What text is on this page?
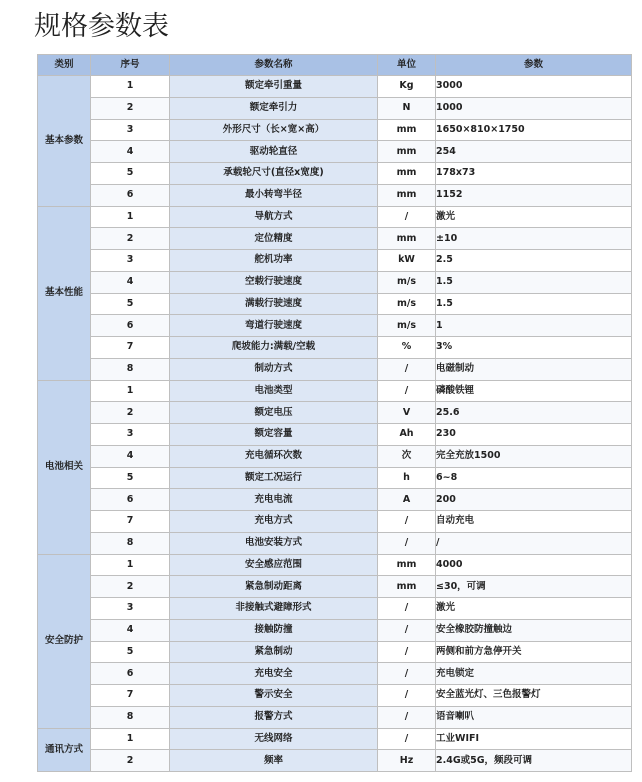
规格参数表
类别	序号	参数名称	单位	参数
基本参数	1	额定牵引重量	Kg	3000
	2	额定牵引力	N	1000
	3	外形尺寸（长×宽×高）	mm	1650×810×1750
	4	驱动轮直径	mm	254
	5	承载轮尺寸(直径x宽度)	mm	178x73
	6	最小转弯半径	mm	1152
基本性能	1	导航方式	/	激光
	2	定位精度	mm	±10
	3	舵机功率	kW	2.5
	4	空载行驶速度	m/s	1.5
	5	满载行驶速度	m/s	1.5
	6	弯道行驶速度	m/s	1
	7	爬坡能力:满载/空载	%	3%
	8	制动方式	/	电磁制动
电池相关	1	电池类型	/	磷酸铁锂
	2	额定电压	V	25.6
	3	额定容量	Ah	230
	4	充电循环次数	次	完全充放1500
	5	额定工况运行	h	6~8
	6	充电电流	A	200
	7	充电方式	/	自动充电
	8	电池安装方式	/	/
安全防护	1	安全感应范围	mm	4000
	2	紧急制动距离	mm	≤30，可调
	3	非接触式避障形式	/	激光
	4	接触防撞	/	安全橡胶防撞触边
	5	紧急制动	/	两侧和前方急停开关
	6	充电安全	/	充电锁定
	7	警示安全	/	安全蓝光灯、三色报警灯
	8	报警方式	/	语音喇叭
通讯方式	1	无线网络	/	工业WIFI
	2	频率	Hz	2.4G或5G，频段可调
